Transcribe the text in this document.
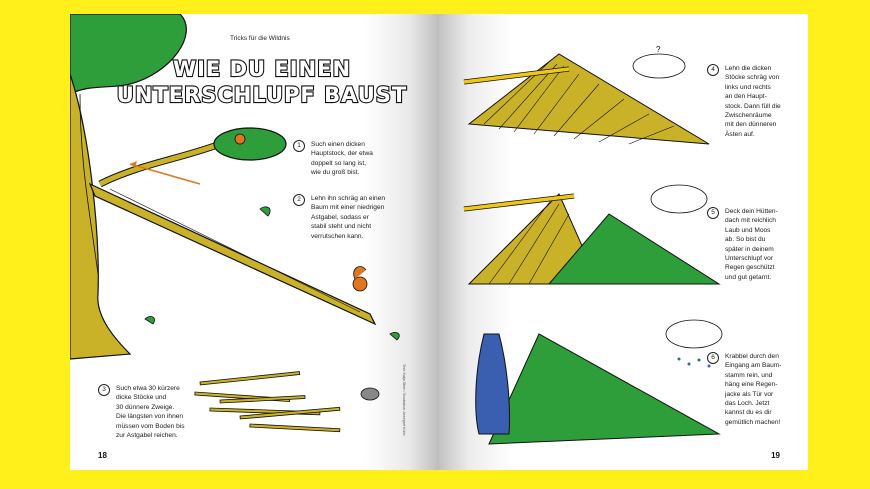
Tricks für die Wildnis
WIE DU EINEN
UNTERSCHLUPF BAUST
1	Such einen dicken
Hauptstock, der etwa
doppelt so lang ist,
wie du groß bist.
2	Lehn ihn schräg an einen
Baum mit einer niedrigen
Astgabel, sodass er
stabil steht und nicht
verrutschen kann.
3	Such etwa 30 kürzere
dicke Stöcke und
30 dünnere Zweige.
Die längsten von ihnen
müssen vom Boden bis
zur Astgabel reichen.	Text: Katja Stern / Illustration: Annegret Kühn
18
?
4	Lehn die dicken
Stöcke schräg von
links und rechts
an den Haupt-
stock. Dann füll die
Zwischenräume
mit den dünneren
Ästen auf.
5	Deck dein Hütten-
dach mit reichlich
Laub und Moos
ab. So bist du
später in deinem
Unterschlupf vor
Regen geschützt
und gut getarnt.
6	Krabbel durch den
Eingang am Baum-
stamm rein, und
häng eine Regen-
jacke als Tür vor
das Loch. Jetzt
kannst du es dir
gemütlich machen!
19
